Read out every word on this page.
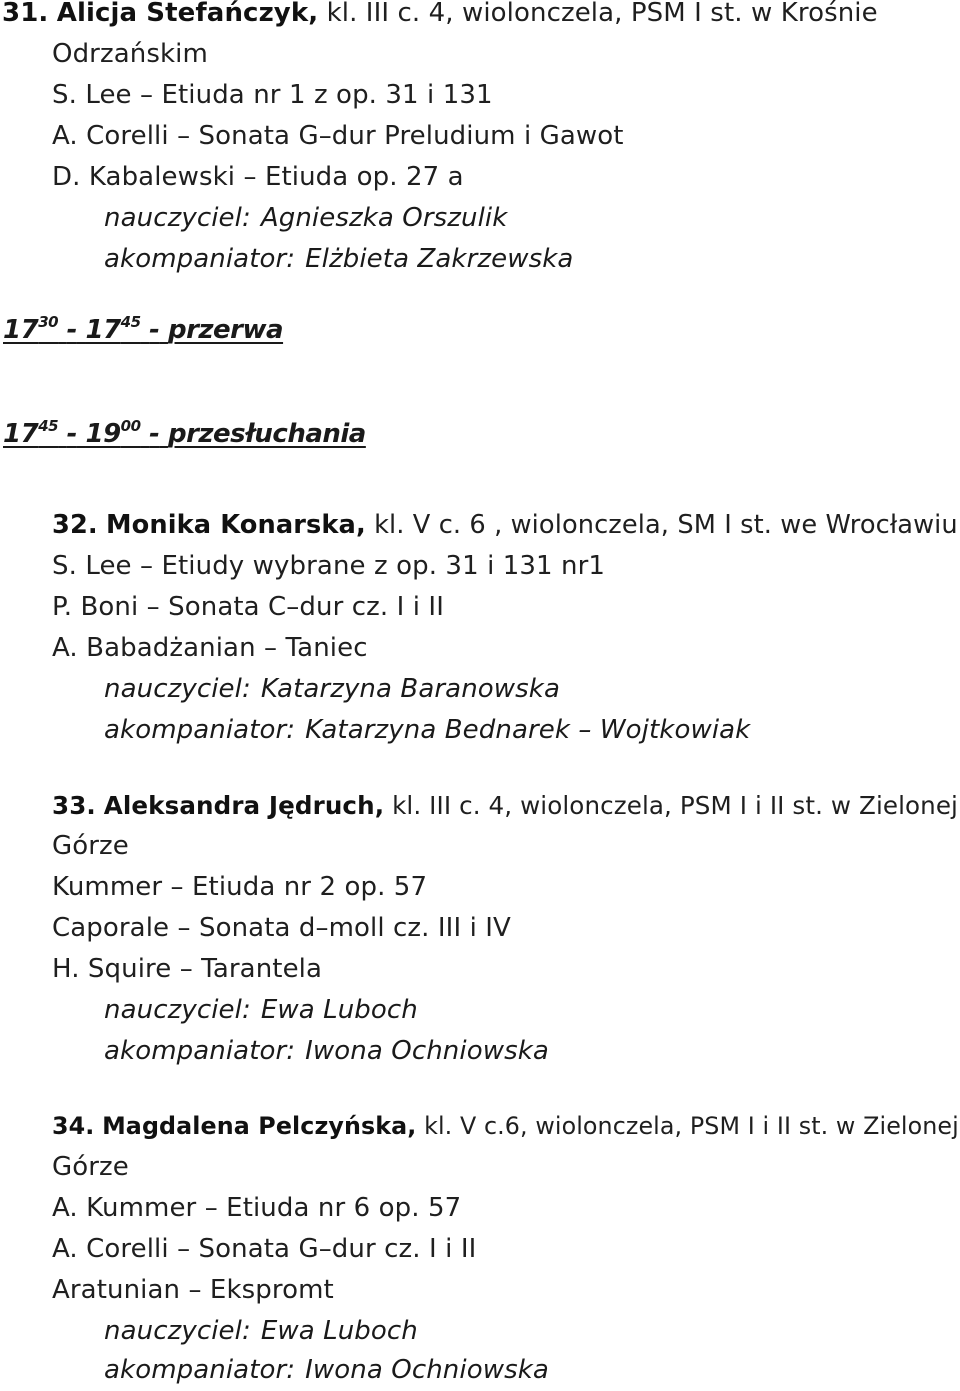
31. Alicja Stefańczyk, kl. III c. 4, wiolonczela, PSM I st. w Krośnie
Odrzańskim
S. Lee – Etiuda nr 1 z op. 31 i 131
A. Corelli – Sonata G–dur Preludium i Gawot
D. Kabalewski – Etiuda op. 27 a
nauczyciel: Agnieszka Orszulik
akompaniator: Elżbieta Zakrzewska
$17^{30} - 17^{45}$ - przerwa
$17^{45} - 19^{00}$ - przesłuchania
32. Monika Konarska, kl. V c. 6 , wiolonczela, SM I st. we Wrocławiu
S. Lee – Etiudy wybrane z op. 31 i 131 nr1
P. Boni – Sonata C–dur cz. I i II
A. Babadżanian – Taniec
nauczyciel: Katarzyna Baranowska
akompaniator: Katarzyna Bednarek – Wojtkowiak
33. Aleksandra Jędruch, kl. III c. 4, wiolonczela, PSM I i II st. w Zielonej
Górze
Kummer – Etiuda nr 2 op. 57
Caporale – Sonata d–moll cz. III i IV
H. Squire – Tarantela
nauczyciel: Ewa Luboch
akompaniator: Iwona Ochniowska
34. Magdalena Pelczyńska, kl. V c.6, wiolonczela, PSM I i II st. w Zielonej
Górze
A. Kummer – Etiuda nr 6 op. 57
A. Corelli – Sonata G–dur cz. I i II
Aratunian – Ekspromt
nauczyciel: Ewa Luboch
akompaniator: Iwona Ochniowska
